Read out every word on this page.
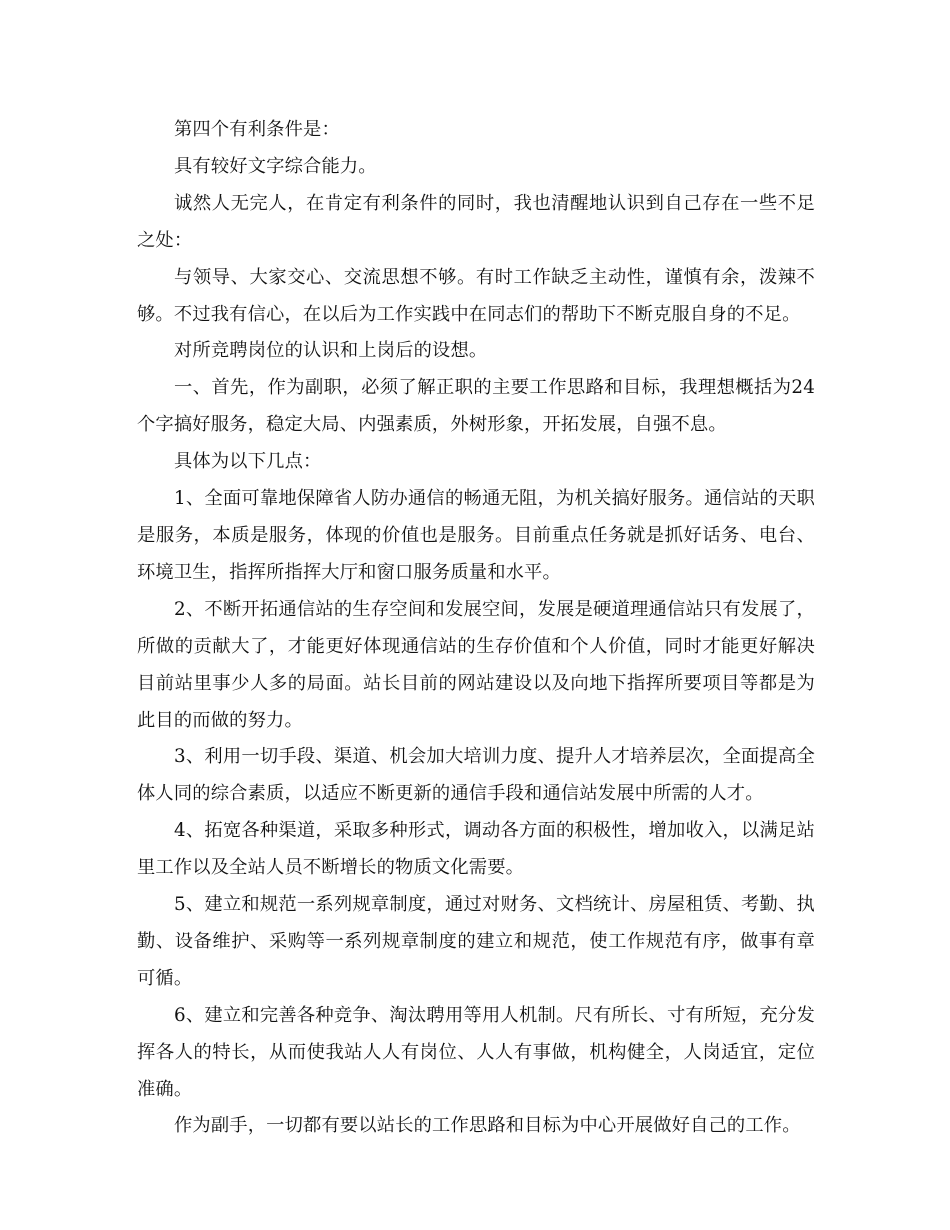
第四个有利条件是：

具有较好文字综合能力。

诚然人无完人，在肯定有利条件的同时，我也清醒地认识到自己存在一些不足之处：

与领导、大家交心、交流思想不够。有时工作缺乏主动性，谨慎有余，泼辣不够。不过我有信心，在以后为工作实践中在同志们的帮助下不断克服自身的不足。

对所竞聘岗位的认识和上岗后的设想。

一、首先，作为副职，必须了解正职的主要工作思路和目标，我理想概括为24个字搞好服务，稳定大局、内强素质，外树形象，开拓发展，自强不息。

具体为以下几点：

1、全面可靠地保障省人防办通信的畅通无阻，为机关搞好服务。通信站的天职是服务，本质是服务，体现的价值也是服务。目前重点任务就是抓好话务、电台、环境卫生，指挥所指挥大厅和窗口服务质量和水平。

2、不断开拓通信站的生存空间和发展空间，发展是硬道理通信站只有发展了，所做的贡献大了，才能更好体现通信站的生存价值和个人价值，同时才能更好解决目前站里事少人多的局面。站长目前的网站建设以及向地下指挥所要项目等都是为此目的而做的努力。

3、利用一切手段、渠道、机会加大培训力度、提升人才培养层次，全面提高全体人同的综合素质，以适应不断更新的通信手段和通信站发展中所需的人才。

4、拓宽各种渠道，采取多种形式，调动各方面的积极性，增加收入，以满足站里工作以及全站人员不断增长的物质文化需要。

5、建立和规范一系列规章制度，通过对财务、文档统计、房屋租赁、考勤、执勤、设备维护、采购等一系列规章制度的建立和规范，使工作规范有序，做事有章可循。

6、建立和完善各种竞争、淘汰聘用等用人机制。尺有所长、寸有所短，充分发挥各人的特长，从而使我站人人有岗位、人人有事做，机构健全，人岗适宜，定位准确。

作为副手，一切都有要以站长的工作思路和目标为中心开展做好自己的工作。
